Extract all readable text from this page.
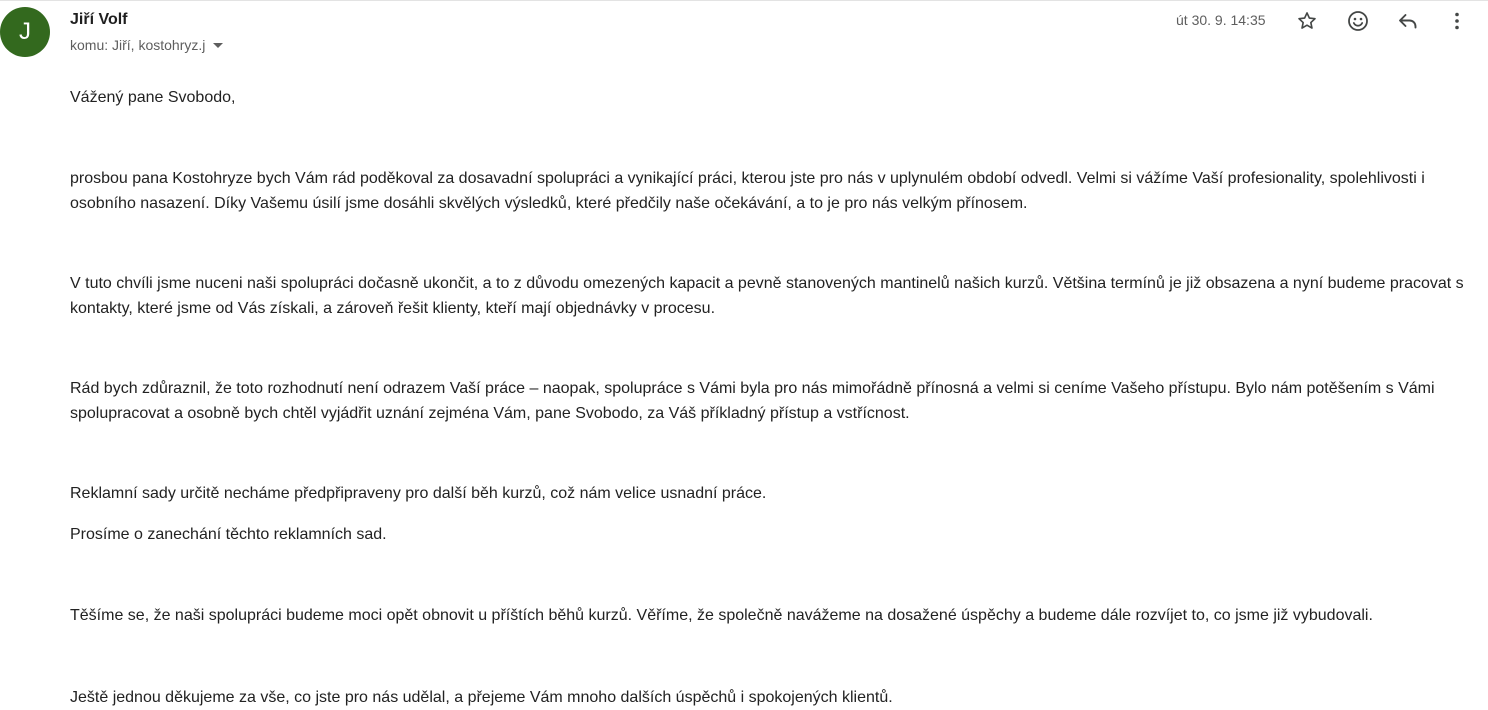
J	Jiří Volf
komu: Jiří, kostohryz.j
út 30. 9. 14:35

Vážený pane Svobodo,

prosbou pana Kostohryze bych Vám rád poděkoval za dosavadní spolupráci a vynikající práci, kterou jste pro nás v uplynulém období odvedl. Velmi si vážíme Vaší profesionality, spolehlivosti i osobního nasazení. Díky Vašemu úsilí jsme dosáhli skvělých výsledků, které předčily naše očekávání, a to je pro nás velkým přínosem.

V tuto chvíli jsme nuceni naši spolupráci dočasně ukončit, a to z důvodu omezených kapacit a pevně stanovených mantinelů našich kurzů. Většina termínů je již obsazena a nyní budeme pracovat s kontakty, které jsme od Vás získali, a zároveň řešit klienty, kteří mají objednávky v procesu.

Rád bych zdůraznil, že toto rozhodnutí není odrazem Vaší práce – naopak, spolupráce s Vámi byla pro nás mimořádně přínosná a velmi si ceníme Vašeho přístupu. Bylo nám potěšením s Vámi spolupracovat a osobně bych chtěl vyjádřit uznání zejména Vám, pane Svobodo, za Váš příkladný přístup a vstřícnost.

Reklamní sady určitě necháme předpřipraveny pro další běh kurzů, což nám velice usnadní práce.

Prosíme o zanechání těchto reklamních sad.

Těšíme se, že naši spolupráci budeme moci opět obnovit u příštích běhů kurzů. Věříme, že společně navážeme na dosažené úspěchy a budeme dále rozvíjet to, co jsme již vybudovali.

Ještě jednou děkujeme za vše, co jste pro nás udělal, a přejeme Vám mnoho dalších úspěchů i spokojených klientů.
